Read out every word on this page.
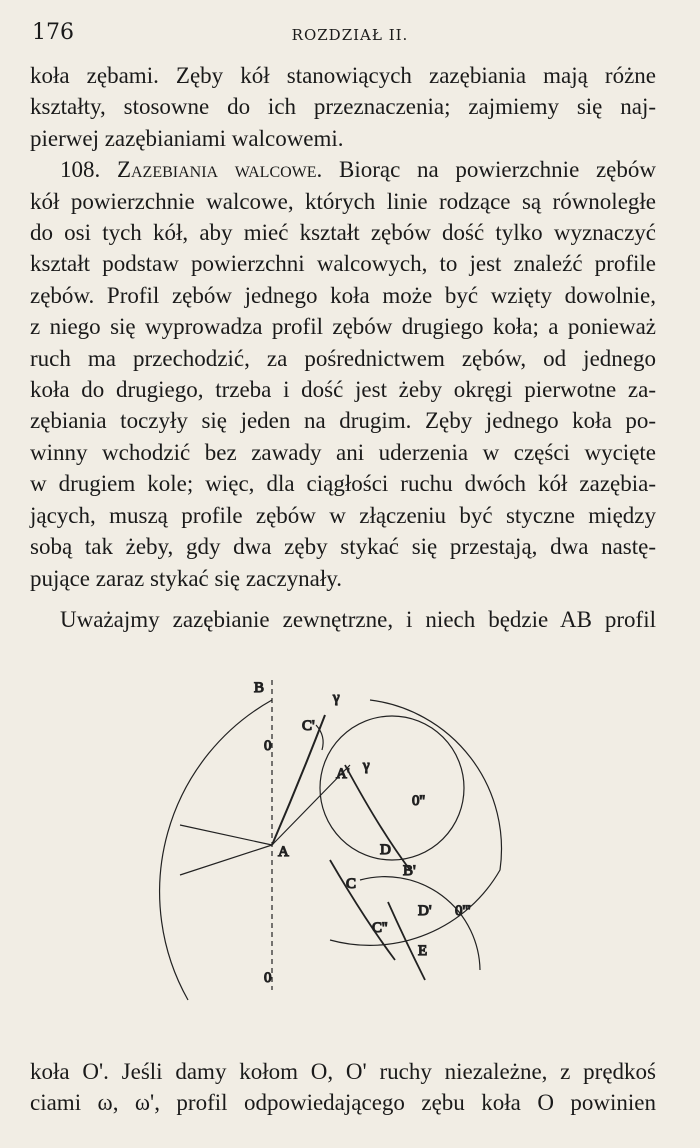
176	ROZDZIAŁ II.

koła zębami. Zęby kół stanowiących zazębiania mają różne
kształty, stosowne do ich przeznaczenia; zajmiemy się naj-
pierwej zazębianiami walcowemi.

108. Zazebiania walcowe. Biorąc na powierzchnie zębów
kół powierzchnie walcowe, których linie rodzące są równoległe
do osi tych kół, aby mieć kształt zębów dość tylko wyznaczyć
kształt podstaw powierzchni walcowych, to jest znaleźć profile
zębów. Profil zębów jednego koła może być wzięty dowolnie,
z niego się wyprowadza profil zębów drugiego koła; a ponieważ
ruch ma przechodzić, za pośrednictwem zębów, od jednego
koła do drugiego, trzeba i dość jest żeby okręgi pierwotne za-
zębiania toczyły się jeden na drugim. Zęby jednego koła po-
winny wchodzić bez zawady ani uderzenia w części wycięte
w drugiem kole; więc, dla ciągłości ruchu dwóch kół zazębia-
jących, muszą profile zębów w złączeniu być styczne między
sobą tak żeby, gdy dwa zęby stykać się przestają, dwa nastę-
pujące zaraz stykać się zaczynały.

Uważajmy zazębianie zewnętrzne, i niech będzie AB profil

B
γ
C'
0
A' γ
0''
A	D
B'
C
D' 0'''
C''
E
0

koła O'. Jeśli damy kołom O, O' ruchy niezależne, z prędkoś
ciami ω, ω', profil odpowiedającego zębu koła O powinien
